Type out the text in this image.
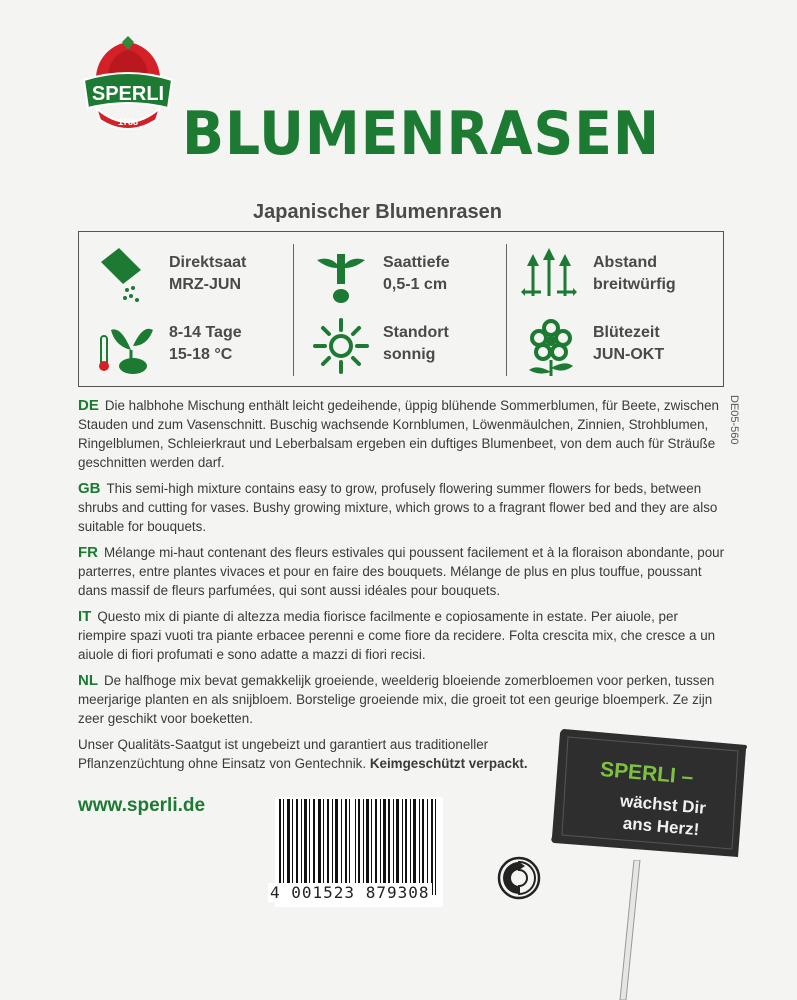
SPERLI
1788 BLUMENRASEN
Japanischer Blumenrasen
Direktsaat
MRZ-JUN
Saattiefe
0,5-1 cm
Abstand
breitwürfig
8-14 Tage
15-18 °C
Standort
sonnig
Blütezeit
JUN-OKT
DE05-560

DE Die halbhohe Mischung enthält leicht gedeihende, üppig blühende Sommerblumen, für Beete, zwischen Stauden und zum Vasenschnitt. Buschig wachsende Kornblumen, Löwenmäulchen, Zinnien, Strohblumen, Ringelblumen, Schleierkraut und Leberbalsam ergeben ein duftiges Blumenbeet, von dem auch für Sträuße geschnitten werden darf.

GB This semi-high mixture contains easy to grow, profusely flowering summer flowers for beds, between shrubs and cutting for vases. Bushy growing mixture, which grows to a fragrant flower bed and they are also suitable for bouquets.

FR Mélange mi-haut contenant des fleurs estivales qui poussent facilement et à la floraison abondante, pour parterres, entre plantes vivaces et pour en faire des bouquets. Mélange de plus en plus touffue, poussant dans massif de fleurs parfumées, qui sont aussi idéales pour bouquets.

IT Questo mix di piante di altezza media fiorisce facilmente e copiosamente in estate. Per aiuole, per riempire spazi vuoti tra piante erbacee perenni e come fiore da recidere. Folta crescita mix, che cresce a un aiuole di fiori profumati e sono adatte a mazzi di fiori recisi.

NL De halfhoge mix bevat gemakkelijk groeiende, weelderig bloeiende zomerbloemen voor perken, tussen meerjarige planten en als snijbloem. Borstelige groeiende mix, die groeit tot een geurige bloemperk. Ze zijn zeer geschikt voor boeketten.

Unser Qualitäts-Saatgut ist ungebeizt und garantiert aus traditioneller Pflanzenzüchtung ohne Einsatz von Gentechnik. Keimgeschützt verpackt.

www.sperli.de
4 001523 879308
SPERLI –
wächst Dir
ans Herz!
